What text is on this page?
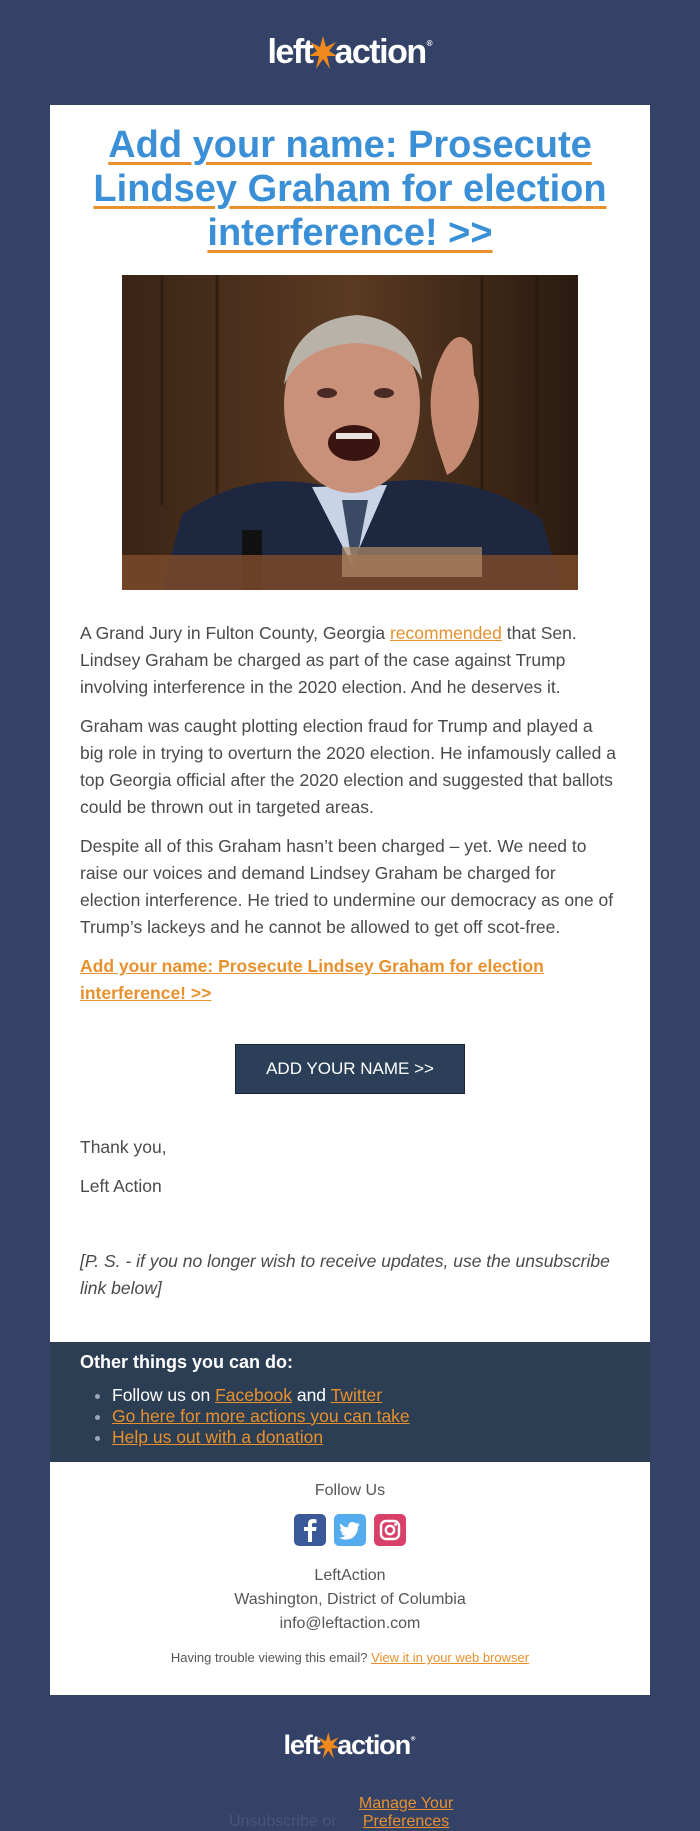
left action ®
Add your name: Prosecute Lindsey Graham for election interference! >>

A Grand Jury in Fulton County, Georgia recommended that Sen. Lindsey Graham be charged as part of the case against Trump involving interference in the 2020 election. And he deserves it.

Graham was caught plotting election fraud for Trump and played a big role in trying to overturn the 2020 election. He infamously called a top Georgia official after the 2020 election and suggested that ballots could be thrown out in targeted areas.

Despite all of this Graham hasn’t been charged – yet. We need to raise our voices and demand Lindsey Graham be charged for election interference. He tried to undermine our democracy as one of Trump’s lackeys and he cannot be allowed to get off scot-free.

Add your name: Prosecute Lindsey Graham for election interference! >>
ADD YOUR NAME >>

Thank you,

Left Action

[P. S. - if you no longer wish to receive updates, use the unsubscribe link below]
Other things you can do:
• Follow us on Facebook and Twitter
• Go here for more actions you can take
• Help us out with a donation
Follow Us
LeftAction
Washington, District of Columbia
info@leftaction.com
Having trouble viewing this email? View it in your web browser
left action ®
Unsubscribe or Manage Your Preferences
